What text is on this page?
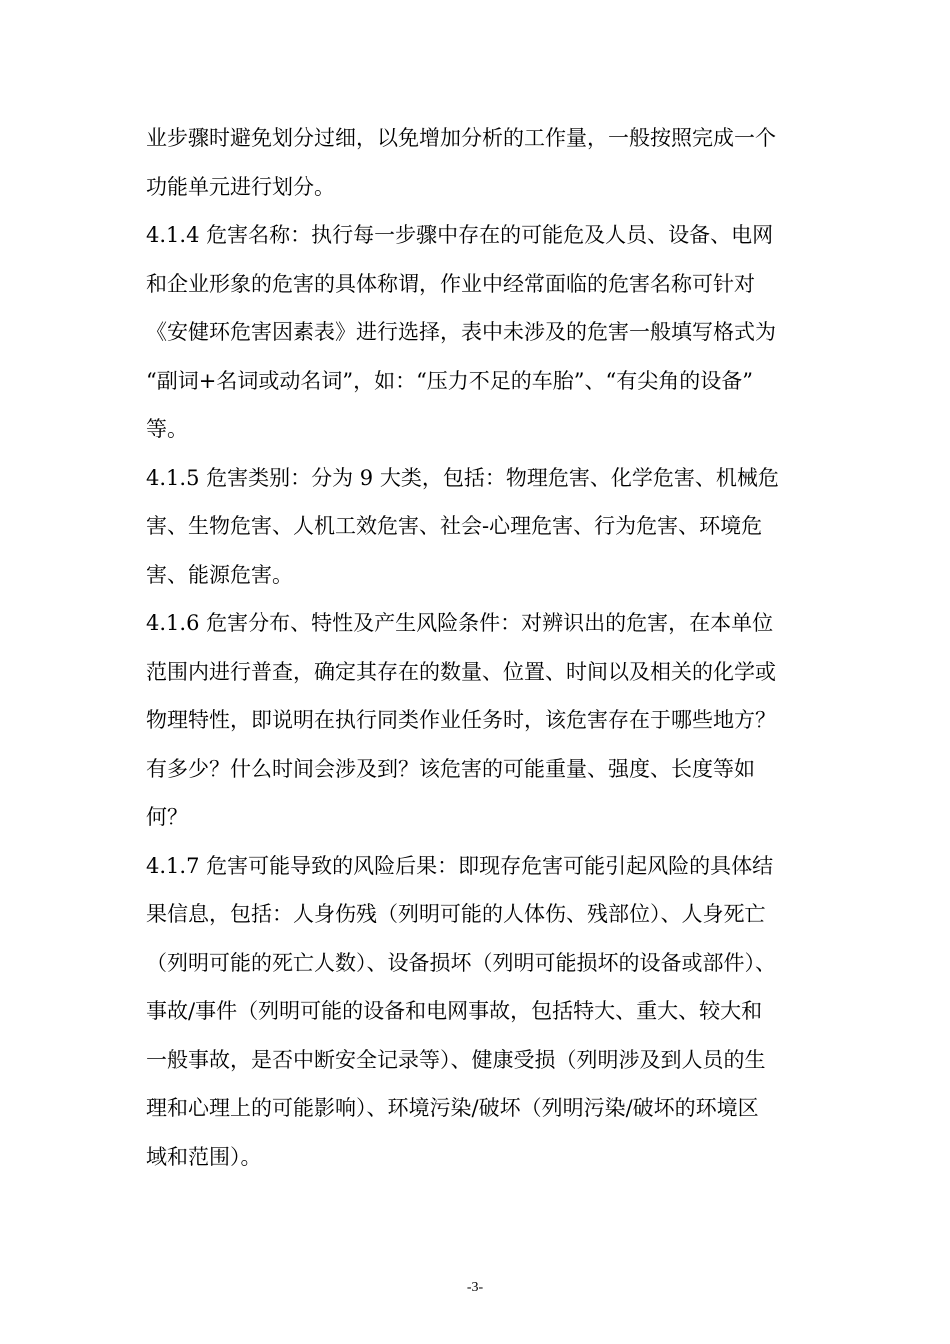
业步骤时避免划分过细，以免增加分析的工作量，一般按照完成一个
功能单元进行划分。
4.1.4 危害名称：执行每一步骤中存在的可能危及人员、设备、电网
和企业形象的危害的具体称谓，作业中经常面临的危害名称可针对
《安健环危害因素表》进行选择，表中未涉及的危害一般填写格式为
“副词+名词或动名词”，如：“压力不足的车胎”、“有尖角的设备”
等。
4.1.5 危害类别：分为 9 大类，包括：物理危害、化学危害、机械危
害、生物危害、人机工效危害、社会-心理危害、行为危害、环境危
害、能源危害。
4.1.6 危害分布、特性及产生风险条件：对辨识出的危害，在本单位
范围内进行普查，确定其存在的数量、位置、时间以及相关的化学或
物理特性，即说明在执行同类作业任务时，该危害存在于哪些地方？
有多少？什么时间会涉及到？该危害的可能重量、强度、长度等如
何？
4.1.7 危害可能导致的风险后果：即现存危害可能引起风险的具体结
果信息，包括：人身伤残（列明可能的人体伤、残部位）、人身死亡
（列明可能的死亡人数）、设备损坏（列明可能损坏的设备或部件）、
事故/事件（列明可能的设备和电网事故，包括特大、重大、较大和
一般事故，是否中断安全记录等）、健康受损（列明涉及到人员的生
理和心理上的可能影响）、环境污染/破坏（列明污染/破坏的环境区
域和范围）。
-3-
